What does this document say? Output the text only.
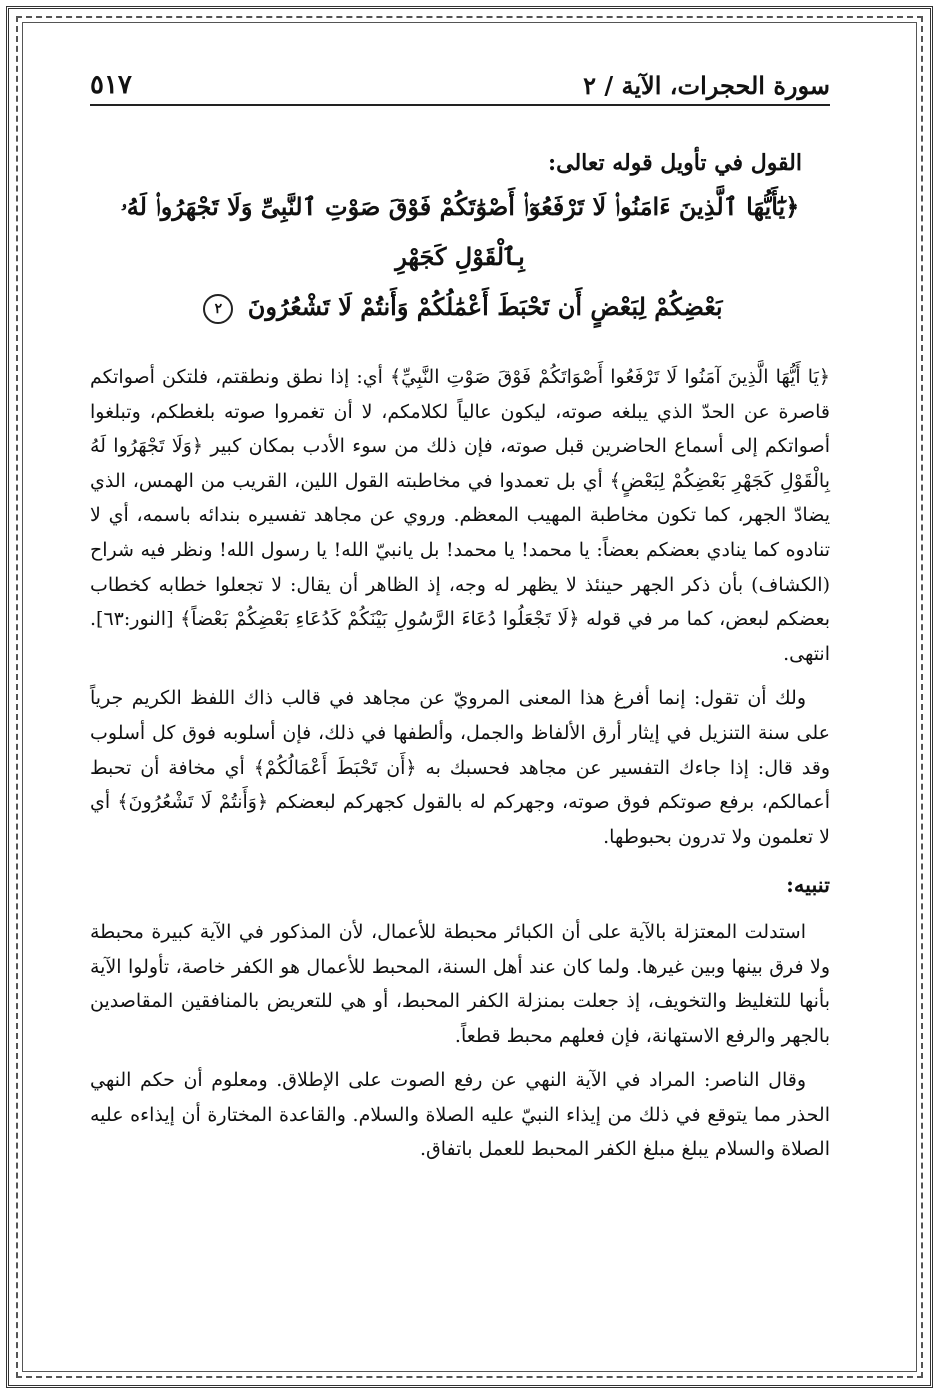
سورة الحجرات، الآية / ٢
٥١٧
القول في تأويل قوله تعالى:
﴿يَٰٓأَيُّهَا ٱلَّذِينَ ءَامَنُوا۟ لَا تَرْفَعُوٓا۟ أَصْوَٰتَكُمْ فَوْقَ صَوْتِ ٱلنَّبِىِّ وَلَا تَجْهَرُوا۟ لَهُۥ بِٱلْقَوْلِ كَجَهْرِ
بَعْضِكُمْ لِبَعْضٍ أَن تَحْبَطَ أَعْمَٰلُكُمْ وَأَنتُمْ لَا تَشْعُرُونَ ٢

﴿يَا أَيُّهَا الَّذِينَ آمَنُوا لَا تَرْفَعُوا أَصْوَاتَكُمْ فَوْقَ صَوْتِ النَّبِيِّ﴾ أي: إذا نطق ونطقتم، فلتكن أصواتكم قاصرة عن الحدّ الذي يبلغه صوته، ليكون عالياً لكلامكم، لا أن تغمروا صوته بلغطكم، وتبلغوا أصواتكم إلى أسماع الحاضرين قبل صوته، فإن ذلك من سوء الأدب بمكان كبير ﴿وَلَا تَجْهَرُوا لَهُ بِالْقَوْلِ كَجَهْرِ بَعْضِكُمْ لِبَعْضٍ﴾ أي بل تعمدوا في مخاطبته القول اللين، القريب من الهمس، الذي يضادّ الجهر، كما تكون مخاطبة المهيب المعظم. وروي عن مجاهد تفسيره بندائه باسمه، أي لا تنادوه كما ينادي بعضكم بعضاً: يا محمد! يا محمد! بل يانبيّ الله! يا رسول الله! ونظر فيه شراح (الكشاف) بأن ذكر الجهر حينئذ لا يظهر له وجه، إذ الظاهر أن يقال: لا تجعلوا خطابه كخطاب بعضكم لبعض، كما مر في قوله ﴿لَا تَجْعَلُوا دُعَاءَ الرَّسُولِ بَيْنَكُمْ كَدُعَاءِ بَعْضِكُمْ بَعْضاً﴾ [النور:٦٣]. انتهى.

ولك أن تقول: إنما أفرغ هذا المعنى المرويّ عن مجاهد في قالب ذاك اللفظ الكريم جرياً على سنة التنزيل في إيثار أرق الألفاظ والجمل، وألطفها في ذلك، فإن أسلوبه فوق كل أسلوب وقد قال: إذا جاءك التفسير عن مجاهد فحسبك به ﴿أَن تَحْبَطَ أَعْمَالُكُمْ﴾ أي مخافة أن تحبط أعمالكم، برفع صوتكم فوق صوته، وجهركم له بالقول كجهركم لبعضكم ﴿وَأَنتُمْ لَا تَشْعُرُونَ﴾ أي لا تعلمون ولا تدرون بحبوطها.

تنبيه:

استدلت المعتزلة بالآية على أن الكبائر محبطة للأعمال، لأن المذكور في الآية كبيرة محبطة ولا فرق بينها وبين غيرها. ولما كان عند أهل السنة، المحبط للأعمال هو الكفر خاصة، تأولوا الآية بأنها للتغليظ والتخويف، إذ جعلت بمنزلة الكفر المحبط، أو هي للتعريض بالمنافقين المقاصدين بالجهر والرفع الاستهانة، فإن فعلهم محبط قطعاً.

وقال الناصر: المراد في الآية النهي عن رفع الصوت على الإطلاق. ومعلوم أن حكم النهي الحذر مما يتوقع في ذلك من إيذاء النبيّ عليه الصلاة والسلام. والقاعدة المختارة أن إيذاءه عليه الصلاة والسلام يبلغ مبلغ الكفر المحبط للعمل باتفاق.
